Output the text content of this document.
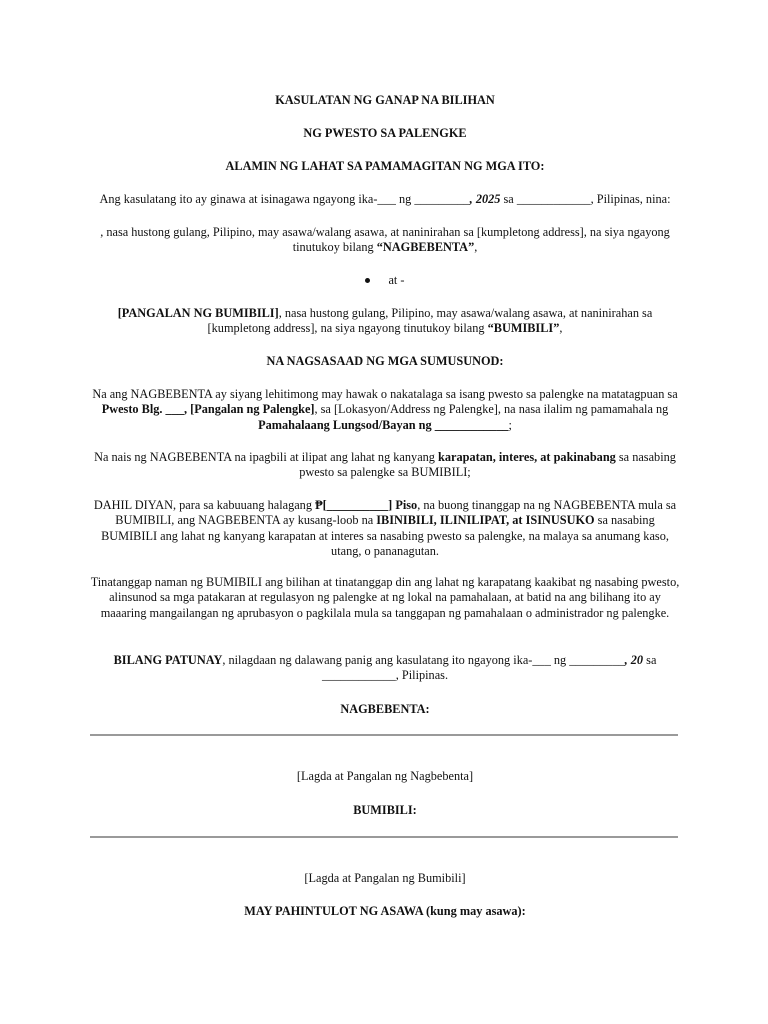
KASULATAN NG GANAP NA BILIHAN

NG PWESTO SA PALENGKE

ALAMIN NG LAHAT SA PAMAMAGITAN NG MGA ITO:

Ang kasulatang ito ay ginawa at isinagawa ngayong ika-___ ng _________, 2025 sa ____________, Pilipinas, nina:

, nasa hustong gulang, Pilipino, may asawa/walang asawa, at naninirahan sa [kumpletong address], na siya ngayong tinutukoy bilang “NAGBEBENTA”,

at -

[PANGALAN NG BUMIBILI], nasa hustong gulang, Pilipino, may asawa/walang asawa, at naninirahan sa [kumpletong address], na siya ngayong tinutukoy bilang “BUMIBILI”,

NA NAGSASAAD NG MGA SUMUSUNOD:

Na ang NAGBEBENTA ay siyang lehitimong may hawak o nakatalaga sa isang pwesto sa palengke na matatagpuan sa Pwesto Blg. ___, [Pangalan ng Palengke], sa [Lokasyon/Address ng Palengke], na nasa ilalim ng pamamahala ng Pamahalaang Lungsod/Bayan ng ____________;

Na nais ng NAGBEBENTA na ipagbili at ilipat ang lahat ng kanyang karapatan, interes, at pakinabang sa nasabing pwesto sa palengke sa BUMIBILI;

DAHIL DIYAN, para sa kabuuang halagang ₱[__________] Piso, na buong tinanggap na ng NAGBEBENTA mula sa BUMIBILI, ang NAGBEBENTA ay kusang-loob na IBINIBILI, ILINILIPAT, at ISINUSUKO sa nasabing BUMIBILI ang lahat ng kanyang karapatan at interes sa nasabing pwesto sa palengke, na malaya sa anumang kaso, utang, o pananagutan.

Tinatanggap naman ng BUMIBILI ang bilihan at tinatanggap din ang lahat ng karapatang kaakibat ng nasabing pwesto, alinsunod sa mga patakaran at regulasyon ng palengke at ng lokal na pamahalaan, at batid na ang bilihang ito ay maaaring mangailangan ng aprubasyon o pagkilala mula sa tanggapan ng pamahalaan o administrador ng palengke.

BILANG PATUNAY, nilagdaan ng dalawang panig ang kasulatang ito ngayong ika-___ ng _________, 20 sa ____________, Pilipinas.

NAGBEBENTA:

[Lagda at Pangalan ng Nagbebenta]

BUMIBILI:

[Lagda at Pangalan ng Bumibili]

MAY PAHINTULOT NG ASAWA (kung may asawa):
